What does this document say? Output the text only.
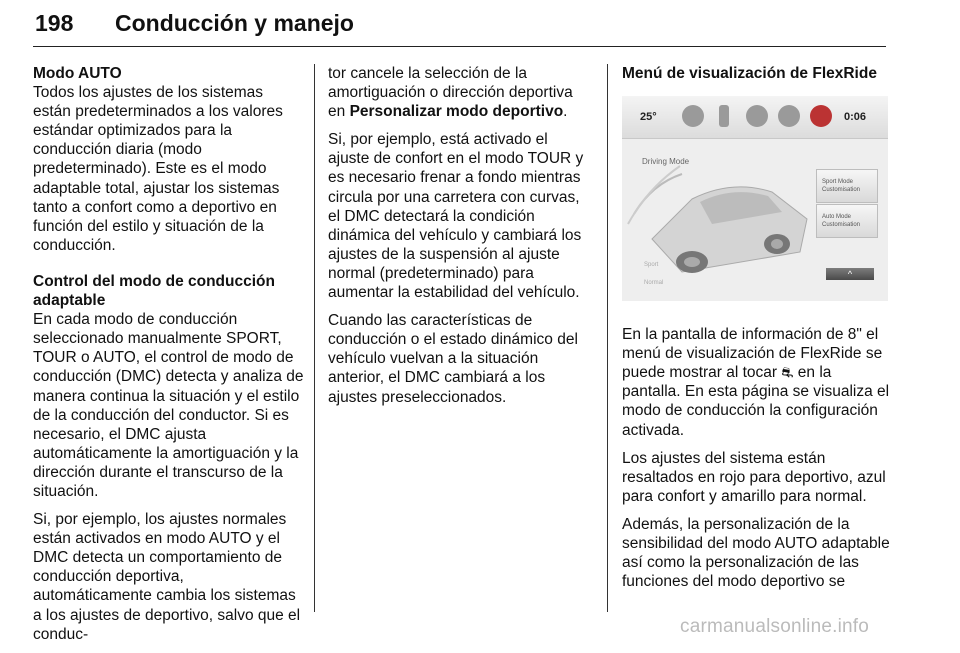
198 Conducción y manejo
Modo AUTO
Todos los ajustes de los sistemas están predeterminados a los valores estándar optimizados para la conducción diaria (modo predeterminado). Este es el modo adaptable total, ajustar los sistemas tanto a confort como a deportivo en función del estilo y situación de la conducción.
Control del modo de conducción adaptable
En cada modo de conducción seleccionado manualmente SPORT, TOUR o AUTO, el control de modo de conducción (DMC) detecta y analiza de manera continua la situación y el estilo de la conducción del conductor. Si es necesario, el DMC ajusta automáticamente la amortiguación y la dirección durante el transcurso de la situación.

Si, por ejemplo, los ajustes normales están activados en modo AUTO y el DMC detecta un comportamiento de conducción deportiva, automáticamente cambia los sistemas a los ajustes de deportivo, salvo que el conduc-

tor cancele la selección de la amortiguación o dirección deportiva en Personalizar modo deportivo.

Si, por ejemplo, está activado el ajuste de confort en el modo TOUR y es necesario frenar a fondo mientras circula por una carretera con curvas, el DMC detectará la condición dinámica del vehículo y cambiará los ajustes de la suspensión al ajuste normal (predeterminado) para aumentar la estabilidad del vehículo.

Cuando las características de conducción o el estado dinámico del vehículo vuelvan a la situación anterior, el DMC cambiará a los ajustes preseleccionados.

Menú de visualización de FlexRide
25°	0:06
Driving Mode
Sport
Normal
Sport Mode Customisation
Auto Mode Customisation
^

En la pantalla de información de 8" el menú de visualización de FlexRide se puede mostrar al tocar ⛐ en la pantalla. En esta página se visualiza el modo de conducción la configuración activada.

Los ajustes del sistema están resaltados en rojo para deportivo, azul para confort y amarillo para normal.

Además, la personalización de la sensibilidad del modo AUTO adaptable así como la personalización de las funciones del modo deportivo se

carmanualsonline.info
